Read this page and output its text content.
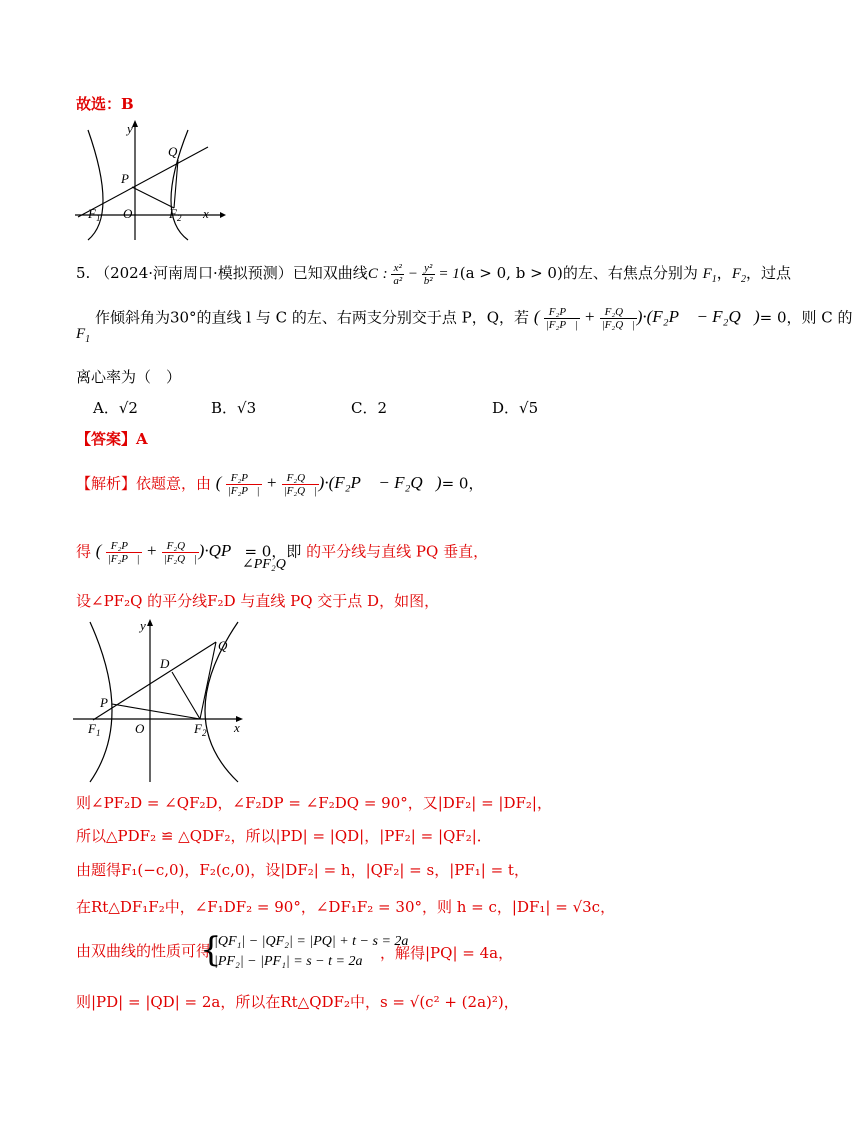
故选：B
y
x
P
Q
O
$F_1$	$F_2$
5. （2024·河南周口·模拟预测）已知双曲线C : $\frac{\text{x²}}{\text{a²}} - \frac{\text{y²}}{\text{b²}} = 1(a > 0$, b > 0)的左、右焦点分别为 $F_1$，$F_2$，过点
$F_1$ 作倾斜角为30°的直线 l 与 C 的左、右两支分别交于点 P，Q，若 ( $\frac{\text{F₂P⃗}}{\text{|F₂P⃗|}} + \frac{\text{F₂Q⃗}}{\text{|F₂Q⃗|}}$ )·(F₂P⃗ − F₂Q⃗)= 0，则 C 的
离心率为（　）
A．√2	B．√3	C．2	D．√5
【答案】A
【解析】依题意，由 ( $\frac{\text{F₂P⃗}}{\text{|F₂P⃗|}} + \frac{\text{F₂Q⃗}}{\text{|F₂Q⃗|}}$ )·(F₂P⃗ − F₂Q⃗)= 0，
得 ( $\frac{\text{F₂P⃗}}{\text{|F₂P⃗|}} + \frac{\text{F₂Q⃗}}{\text{|F₂Q⃗|}}$ )·QP⃗= 0，即 的平分线与直线 PQ 垂直，
∠PF₂Q
设∠PF₂Q 的平分线F₂D 与直线 PQ 交于点 D，如图，
y
x
P
Q
D
O
$F_1$	$F_2$
则∠PF₂D = ∠QF₂D，∠F₂DP = ∠F₂DQ = 90°，又|DF₂| = |DF₂|，
所以△PDF₂ ≌ △QDF₂，所以|PD| = |QD|，|PF₂| = |QF₂|．
由题得F₁(−c,0)，F₂(c,0)，设|DF₂| = h，|QF₂| = s，|PF₁| = t，
在Rt△DF₁F₂中，∠F₁DF₂ = 90°，∠DF₁F₂ = 30°，则 h = c，|DF₁| = √3c，
由双曲线的性质可得
{
|QF₁| − |QF₂| = |PQ| + t − s = 2a
|PF₂| − |PF₁| = s − t = 2a ，解得|PQ| = 4a，
则|PD| = |QD| = 2a，所以在Rt△QDF₂中，s = √(c² + (2a)²)，
